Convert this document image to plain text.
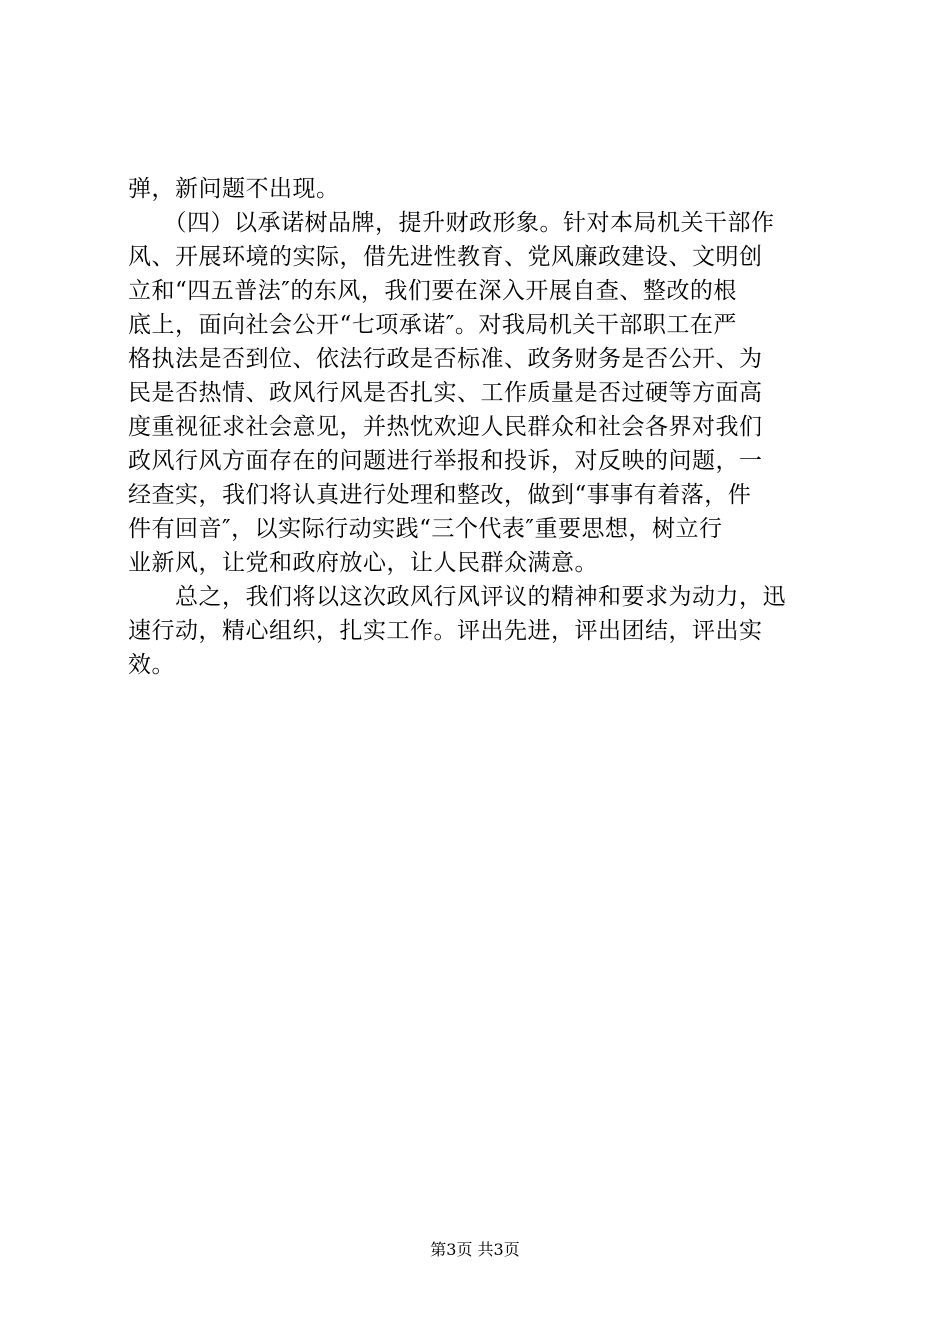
弹，新问题不出现。
　　（四）以承诺树品牌，提升财政形象。针对本局机关干部作
风、开展环境的实际，借先进性教育、党风廉政建设、文明创
立和“四五普法″的东风，我们要在深入开展自查、整改的根
底上，面向社会公开“七项承诺″。对我局机关干部职工在严
格执法是否到位、依法行政是否标准、政务财务是否公开、为
民是否热情、政风行风是否扎实、工作质量是否过硬等方面高
度重视征求社会意见，并热忱欢迎人民群众和社会各界对我们
政风行风方面存在的问题进行举报和投诉，对反映的问题，一
经查实，我们将认真进行处理和整改，做到“事事有着落，件
件有回音″，以实际行动实践“三个代表″重要思想，树立行
业新风，让党和政府放心，让人民群众满意。
　　总之，我们将以这次政风行风评议的精神和要求为动力，迅
速行动，精心组织，扎实工作。评出先进，评出团结，评出实
效。
第3页 共3页
